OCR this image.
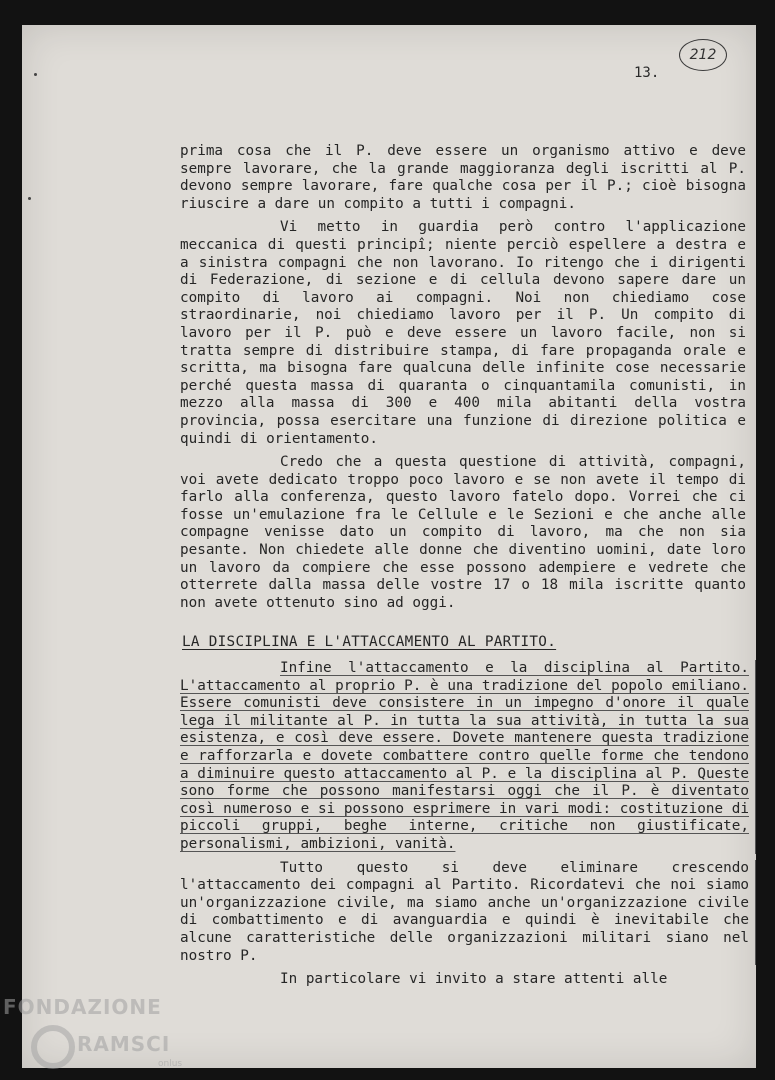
212
13.

prima cosa che il P. deve essere un organismo attivo e deve sempre lavorare, che la grande maggioranza degli iscritti al P. devono sempre lavorare, fare qualche cosa per il P.; cioè bisogna riuscire a dare un compito a tutti i compagni.

Vi metto in guardia però contro l'applicazione meccanica di questi principî; niente perciò espellere a destra e a sinistra compagni che non lavorano. Io ritengo che i dirigenti di Federazione, di sezione e di cellula devono sapere dare un compito di lavoro ai compagni. Noi non chiediamo cose straordinarie, noi chiediamo lavoro per il P. Un compito di lavoro per il P. può e deve essere un lavoro facile, non si tratta sempre di distribuire stampa, di fare propaganda orale e scritta, ma bisogna fare qualcuna delle infinite cose necessarie perché questa massa di quaranta o cinquantamila comunisti, in mezzo alla massa di 300 e 400 mila abitanti della vostra provincia, possa esercitare una funzione di direzione politica e quindi di orientamento.

Credo che a questa questione di attività, compagni, voi avete dedicato troppo poco lavoro e se non avete il tempo di farlo alla conferenza, questo lavoro fatelo dopo. Vorrei che ci fosse un'emulazione fra le Cellule e le Sezioni e che anche alle compagne venisse dato un compito di lavoro, ma che non sia pesante. Non chiedete alle donne che diventino uomini, date loro un lavoro da compiere che esse possono adempiere e vedrete che otterrete dalla massa delle vostre 17 o 18 mila iscritte quanto non avete ottenuto sino ad oggi.

LA DISCIPLINA E L'ATTACCAMENTO AL PARTITO.

Infine l'attaccamento e la disciplina al Partito. L'attaccamento al proprio P. è una tradizione del popolo emiliano. Essere comunisti deve consistere in un impegno d'onore il quale lega il militante al P. in tutta la sua attività, in tutta la sua esistenza, e così deve essere. Dovete mantenere questa tradizione e rafforzarla e dovete combattere contro quelle forme che tendono a diminuire questo attaccamento al P. e la disciplina al P. Queste sono forme che possono manifestarsi oggi che il P. è diventato così numeroso e si possono esprimere in vari modi: costituzione di piccoli gruppi, beghe interne, critiche non giustificate, personalismi, ambizioni, vanità.

Tutto questo si deve eliminare crescendo l'attaccamento dei compagni al Partito. Ricordatevi che noi siamo un'organizzazione civile, ma siamo anche un'organizzazione civile di combattimento e di avanguardia e quindi è inevitabile che alcune caratteristiche delle organizzazioni militari siano nel nostro P.

In particolare vi invito a stare attenti alle

FONDAZIONE
RAMSCI
onlus
